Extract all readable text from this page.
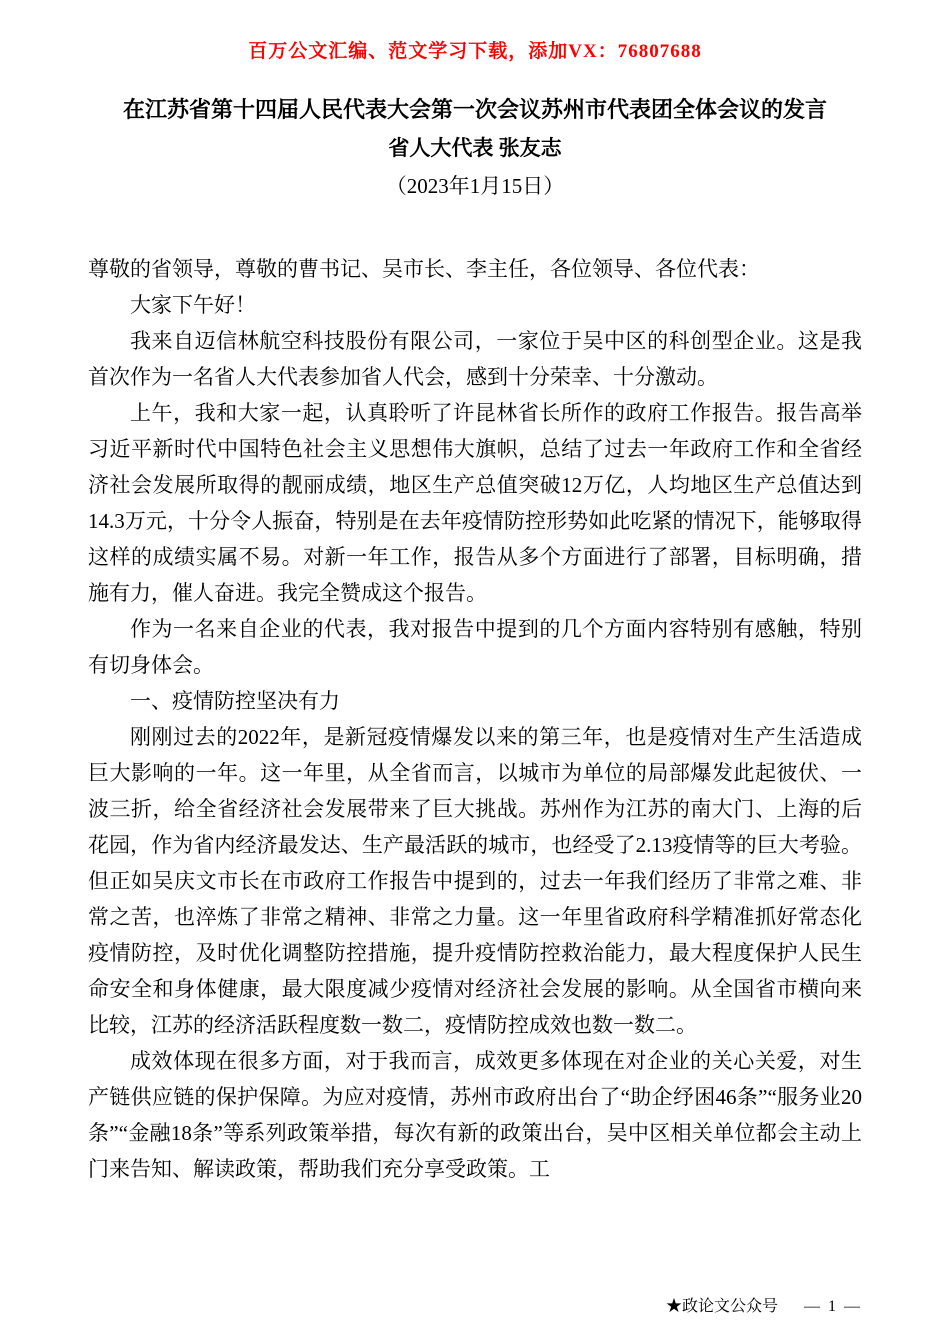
百万公文汇编、范文学习下载，添加VX：76807688
在江苏省第十四届人民代表大会第一次会议苏州市代表团全体会议的发言
省人大代表 张友志
（2023年1月15日）

尊敬的省领导，尊敬的曹书记、吴市长、李主任，各位领导、各位代表：

大家下午好！

我来自迈信林航空科技股份有限公司，一家位于吴中区的科创型企业。这是我首次作为一名省人大代表参加省人代会，感到十分荣幸、十分激动。

上午，我和大家一起，认真聆听了许昆林省长所作的政府工作报告。报告高举习近平新时代中国特色社会主义思想伟大旗帜，总结了过去一年政府工作和全省经济社会发展所取得的靓丽成绩，地区生产总值突破12万亿，人均地区生产总值达到14.3万元，十分令人振奋，特别是在去年疫情防控形势如此吃紧的情况下，能够取得这样的成绩实属不易。对新一年工作，报告从多个方面进行了部署，目标明确，措施有力，催人奋进。我完全赞成这个报告。

作为一名来自企业的代表，我对报告中提到的几个方面内容特别有感触，特别有切身体会。

一、疫情防控坚决有力

刚刚过去的2022年，是新冠疫情爆发以来的第三年，也是疫情对生产生活造成巨大影响的一年。这一年里，从全省而言，以城市为单位的局部爆发此起彼伏、一波三折，给全省经济社会发展带来了巨大挑战。苏州作为江苏的南大门、上海的后花园，作为省内经济最发达、生产最活跃的城市，也经受了2.13疫情等的巨大考验。但正如吴庆文市长在市政府工作报告中提到的，过去一年我们经历了非常之难、非常之苦，也淬炼了非常之精神、非常之力量。这一年里省政府科学精准抓好常态化疫情防控，及时优化调整防控措施，提升疫情防控救治能力，最大程度保护人民生命安全和身体健康，最大限度减少疫情对经济社会发展的影响。从全国省市横向来比较，江苏的经济活跃程度数一数二，疫情防控成效也数一数二。

成效体现在很多方面，对于我而言，成效更多体现在对企业的关心关爱，对生产链供应链的保护保障。为应对疫情，苏州市政府出台了“助企纾困46条”“服务业20条”“金融18条”等系列政策举措，每次有新的政策出台，吴中区相关单位都会主动上门来告知、解读政策，帮助我们充分享受政策。工

★政论文公众号 — 1 —
